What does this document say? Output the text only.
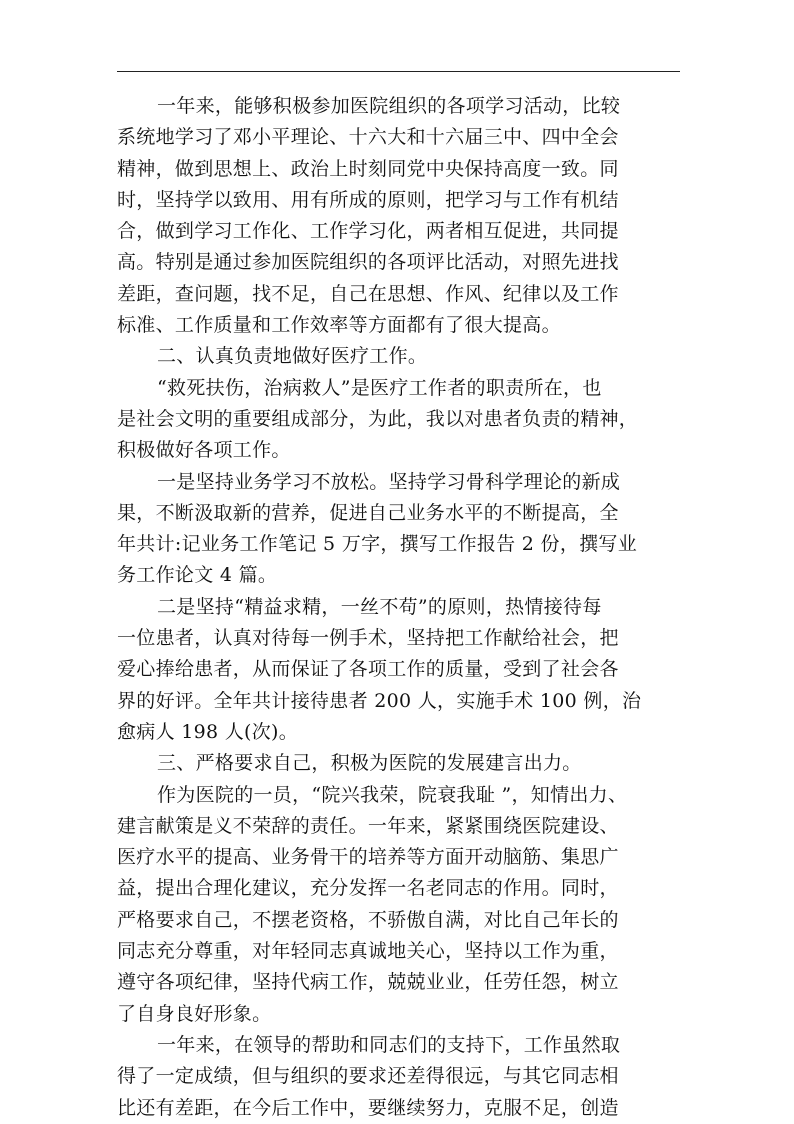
一年来，能够积极参加医院组织的各项学习活动，比较
系统地学习了邓小平理论、十六大和十六届三中、四中全会
精神，做到思想上、政治上时刻同党中央保持高度一致。同
时，坚持学以致用、用有所成的原则，把学习与工作有机结
合，做到学习工作化、工作学习化，两者相互促进，共同提
高。特别是通过参加医院组织的各项评比活动，对照先进找
差距，查问题，找不足，自己在思想、作风、纪律以及工作
标准、工作质量和工作效率等方面都有了很大提高。
二、认真负责地做好医疗工作。
“救死扶伤，治病救人”是医疗工作者的职责所在，也
是社会文明的重要组成部分，为此，我以对患者负责的精神，
积极做好各项工作。
一是坚持业务学习不放松。坚持学习骨科学理论的新成
果，不断汲取新的营养，促进自己业务水平的不断提高，全
年共计:记业务工作笔记 5 万字，撰写工作报告 2 份，撰写业
务工作论文 4 篇。
二是坚持“精益求精，一丝不苟”的原则，热情接待每
一位患者，认真对待每一例手术，坚持把工作献给社会，把
爱心捧给患者，从而保证了各项工作的质量，受到了社会各
界的好评。全年共计接待患者 200 人，实施手术 100 例，治
愈病人 198 人(次)。
三、严格要求自己，积极为医院的发展建言出力。
作为医院的一员，“院兴我荣，院衰我耻 ”，知情出力、
建言献策是义不荣辞的责任。一年来，紧紧围绕医院建设、
医疗水平的提高、业务骨干的培养等方面开动脑筋、集思广
益，提出合理化建议，充分发挥一名老同志的作用。同时，
严格要求自己，不摆老资格，不骄傲自满，对比自己年长的
同志充分尊重，对年轻同志真诚地关心，坚持以工作为重，
遵守各项纪律，坚持代病工作，兢兢业业，任劳任怨，树立
了自身良好形象。
一年来，在领导的帮助和同志们的支持下，工作虽然取
得了一定成绩，但与组织的要求还差得很远，与其它同志相
比还有差距，在今后工作中，要继续努力，克服不足，创造
